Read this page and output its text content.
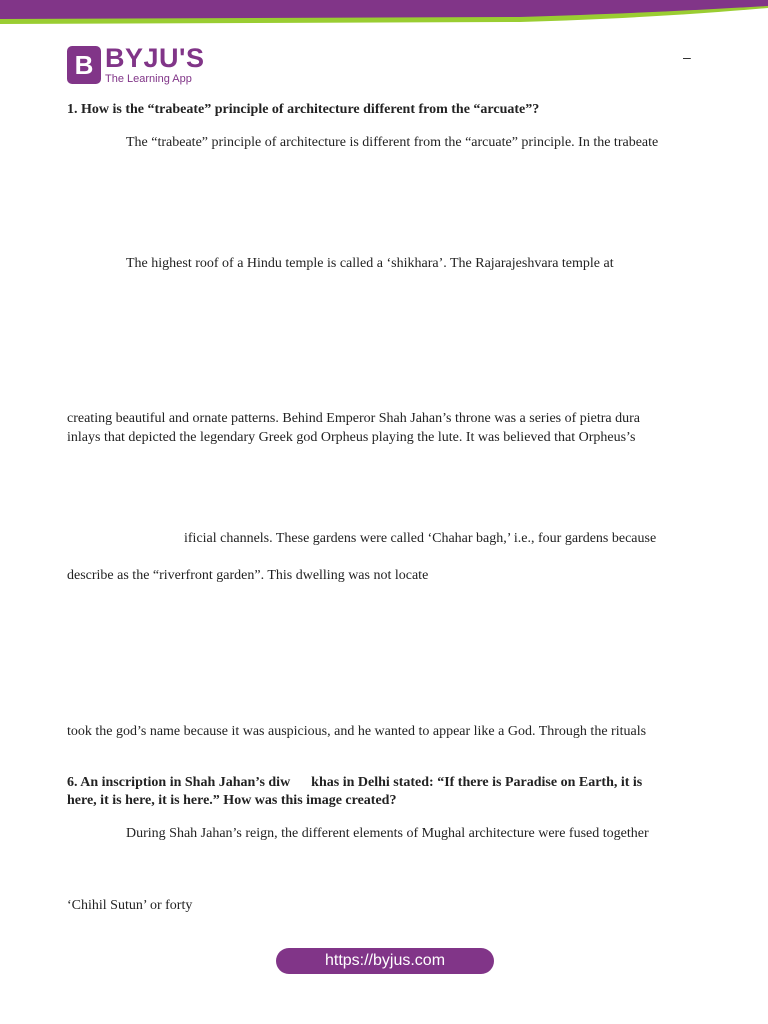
B BYJU'S
The Learning App
–
1. How is the “trabeate” principle of architecture different from the “arcuate”?
The “trabeate” principle of architecture is different from the “arcuate” principle. In the trabeate
The highest roof of a Hindu temple is called a ‘shikhara’. The Rajarajeshvara temple at
creating beautiful and ornate patterns. Behind Emperor Shah Jahan’s throne was a series of pietra dura
inlays that depicted the legendary Greek god Orpheus playing the lute. It was believed that Orpheus’s
ificial channels. These gardens were called ‘Chahar bagh,’ i.e., four gardens because
describe as the “riverfront garden”. This dwelling was not locate
took the god’s name because it was auspicious, and he wanted to appear like a God. Through the rituals
6. An inscription in Shah Jahan’s diw      khas in Delhi stated: “If there is Paradise on Earth, it is
here, it is here, it is here.” How was this image created?
During Shah Jahan’s reign, the different elements of Mughal architecture were fused together
‘Chihil Sutun’ or forty
https://byjus.com
